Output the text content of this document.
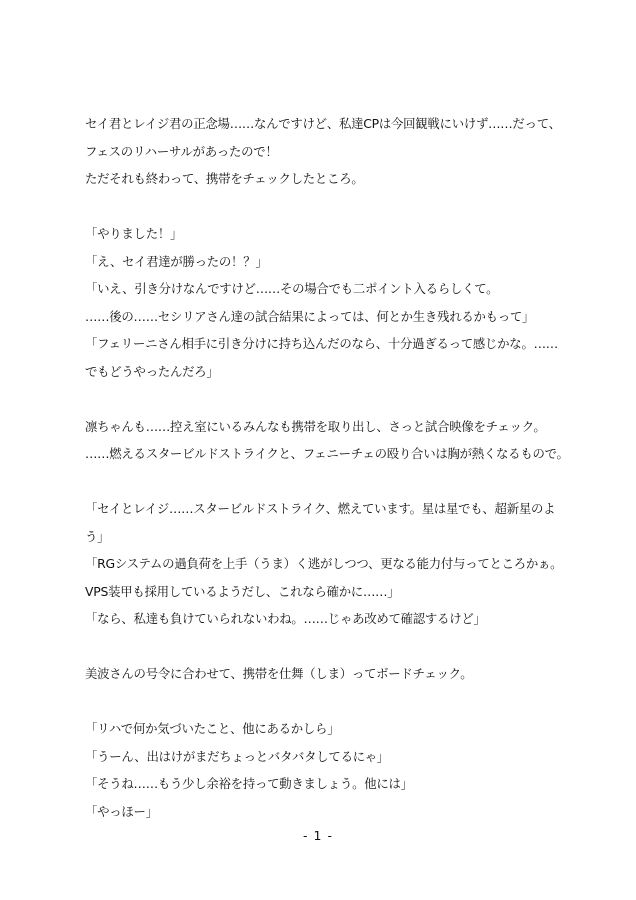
セイ君とレイジ君の正念場……なんですけど、私達CPは今回観戦にいけず……だって、
フェスのリハーサルがあったので！
ただそれも終わって、携帯をチェックしたところ。
「やりました！」
「え、セイ君達が勝ったの！？」
「いえ、引き分けなんですけど……その場合でも二ポイント入るらしくて。
……後の……セシリアさん達の試合結果によっては、何とか生き残れるかもって」
「フェリーニさん相手に引き分けに持ち込んだのなら、十分過ぎるって感じかな。……
でもどうやったんだろ」
凛ちゃんも……控え室にいるみんなも携帯を取り出し、さっと試合映像をチェック。
……燃えるスタービルドストライクと、フェニーチェの殴り合いは胸が熱くなるもので。
「セイとレイジ……スタービルドストライク、燃えています。星は星でも、超新星のよ
う」
「RGシステムの過負荷を上手（うま）く逃がしつつ、更なる能力付与ってところかぁ。
VPS装甲も採用しているようだし、これなら確かに……」
「なら、私達も負けていられないわね。……じゃあ改めて確認するけど」
美波さんの号令に合わせて、携帯を仕舞（しま）ってボードチェック。
「リハで何か気づいたこと、他にあるかしら」
「うーん、出はけがまだちょっとバタバタしてるにゃ」
「そうね……もう少し余裕を持って動きましょう。他には」
「やっほー」
- 1 -
